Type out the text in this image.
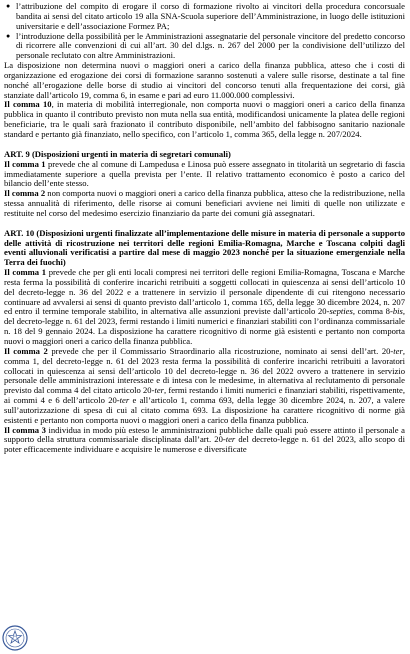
● l’attribuzione del compito di erogare il corso di formazione rivolto ai vincitori della procedura concorsuale bandita ai sensi del citato articolo 19 alla SNA-Scuola superiore dell’Amministrazione, in luogo delle istituzioni universitarie e dell’associazione Formez PA;
● l’introduzione della possibilità per le Amministrazioni assegnatarie del personale vincitore del predetto concorso di ricorrere alle convenzioni di cui all’art. 30 del d.lgs. n. 267 del 2000 per la condivisione dell’utilizzo del personale reclutato con altre Amministrazioni.

La disposizione non determina nuovi o maggiori oneri a carico della finanza pubblica, atteso che i costi di organizzazione ed erogazione dei corsi di formazione saranno sostenuti a valere sulle risorse, destinate a tal fine nonché all’erogazione delle borse di studio ai vincitori del concorso tenuti alla frequentazione dei corsi, già stanziate dall’articolo 19, comma 6, in esame e pari ad euro 11.000.000 complessivi.

Il comma 10, in materia di mobilità interregionale, non comporta nuovi o maggiori oneri a carico della finanza pubblica in quanto il contributo previsto non muta nella sua entità, modificandosi unicamente la platea delle regioni beneficiarie, tra le quali sarà frazionato il contributo disponibile, nell’ambito del fabbisogno sanitario nazionale standard e pertanto già finanziato, nello specifico, con l’articolo 1, comma 365, della legge n. 207/2024.

ART. 9 (Disposizioni urgenti in materia di segretari comunali)

Il comma 1 prevede che al comune di Lampedusa e Linosa può essere assegnato in titolarità un segretario di fascia immediatamente superiore a quella prevista per l’ente. Il relativo trattamento economico è posto a carico del bilancio dell’ente stesso.

Il comma 2 non comporta nuovi o maggiori oneri a carico della finanza pubblica, atteso che la redistribuzione, nella stessa annualità di riferimento, delle risorse ai comuni beneficiari avviene nei limiti di quelle non utilizzate e restituite nel corso del medesimo esercizio finanziario da parte dei comuni già assegnatari.

ART. 10 (Disposizioni urgenti finalizzate all’implementazione delle misure in materia di personale a supporto delle attività di ricostruzione nei territori delle regioni Emilia-Romagna, Marche e Toscana colpiti dagli eventi alluvionali verificatisi a partire dal mese di maggio 2023 nonché per la situazione emergenziale nella Terra dei fuochi)

Il comma 1 prevede che per gli enti locali compresi nei territori delle regioni Emilia-Romagna, Toscana e Marche resta ferma la possibilità di conferire incarichi retribuiti a soggetti collocati in quiescenza ai sensi dell’articolo 10 del decreto-legge n. 36 del 2022 e a trattenere in servizio il personale dipendente di cui ritengono necessario continuare ad avvalersi ai sensi di quanto previsto dall’articolo 1, comma 165, della legge 30 dicembre 2024, n. 207 ed entro il termine temporale stabilito, in alternativa alle assunzioni previste dall’articolo 20-septies, comma 8-bis, del decreto-legge n. 61 del 2023, fermi restando i limiti numerici e finanziari stabiliti con l’ordinanza commissariale n. 18 del 9 gennaio 2024. La disposizione ha carattere ricognitivo di norme già esistenti e pertanto non comporta nuovi o maggiori oneri a carico della finanza pubblica.

Il comma 2 prevede che per il Commissario Straordinario alla ricostruzione, nominato ai sensi dell’art. 20-ter, comma 1, del decreto-legge n. 61 del 2023 resta ferma la possibilità di conferire incarichi retribuiti a lavoratori collocati in quiescenza ai sensi dell’articolo 10 del decreto-legge n. 36 del 2022 ovvero a trattenere in servizio personale delle amministrazioni interessate e di intesa con le medesime, in alternativa al reclutamento di personale previsto dal comma 4 del citato articolo 20-ter, fermi restando i limiti numerici e finanziari stabiliti, rispettivamente, ai commi 4 e 6 dell’articolo 20-ter e all’articolo 1, comma 693, della legge 30 dicembre 2024, n. 207, a valere sull’autorizzazione di spesa di cui al citato comma 693. La disposizione ha carattere ricognitivo di norme già esistenti e pertanto non comporta nuovi o maggiori oneri a carico della finanza pubblica.

Il comma 3 individua in modo più esteso le amministrazioni pubbliche dalle quali può essere attinto il personale a supporto della struttura commissariale disciplinata dall’art. 20-ter del decreto-legge n. 61 del 2023, allo scopo di poter efficacemente individuare e acquisire le numerose e diversificate
